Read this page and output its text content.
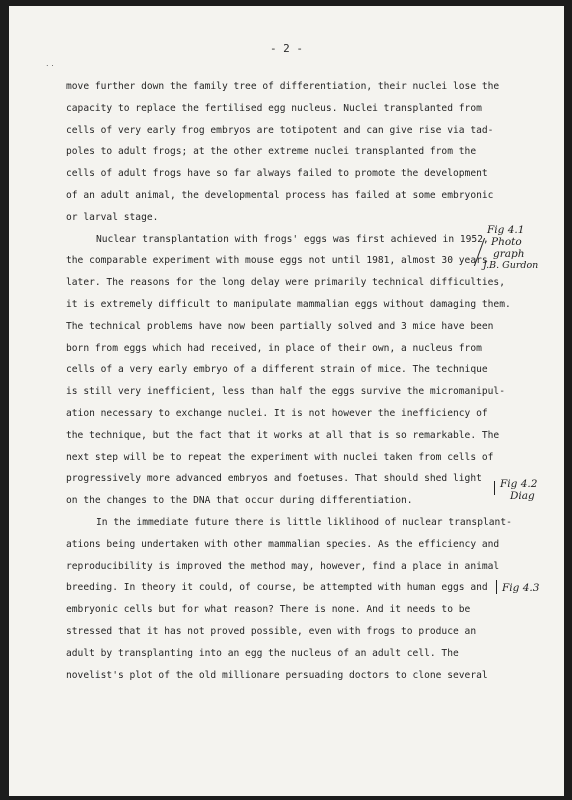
. .
- 2 -
move further down the family tree of differentiation, their nuclei lose the
capacity to replace the fertilised egg nucleus. Nuclei transplanted from
cells of very early frog embryos are totipotent and can give rise via tad-
poles to adult frogs; at the other extreme nuclei transplanted from the
cells of adult frogs have so far always failed to promote the development
of an adult animal, the developmental process has failed at some embryonic
or larval stage.
Nuclear transplantation with frogs' eggs was first achieved in 1952,
the comparable experiment with mouse eggs not until 1981, almost 30 years
later. The reasons for the long delay were primarily technical difficulties,
it is extremely difficult to manipulate mammalian eggs without damaging them.
The technical problems have now been partially solved and 3 mice have been
born from eggs which had received, in place of their own, a nucleus from
cells of a very early embryo of a different strain of mice. The technique
is still very inefficient, less than half the eggs survive the micromanipul-
ation necessary to exchange nuclei. It is not however the inefficiency of
the technique, but the fact that it works at all that is so remarkable. The
next step will be to repeat the experiment with nuclei taken from cells of
progressively more advanced embryos and foetuses. That should shed light
on the changes to the DNA that occur during differentiation.
In the immediate future there is little liklihood of nuclear transplant-
ations being undertaken with other mammalian species. As the efficiency and
reproducibility is improved the method may, however, find a place in animal
breeding. In theory it could, of course, be attempted with human eggs and
embryonic cells but for what reason? There is none. And it needs to be
stressed that it has not proved possible, even with frogs to produce an
adult by transplanting into an egg the nucleus of an adult cell. The
novelist's plot of the old millionare persuading doctors to clone several
Fig 4.1
Photo
graph
J.B. Gurdon
Fig 4.2
Diag
Fig 4.3
